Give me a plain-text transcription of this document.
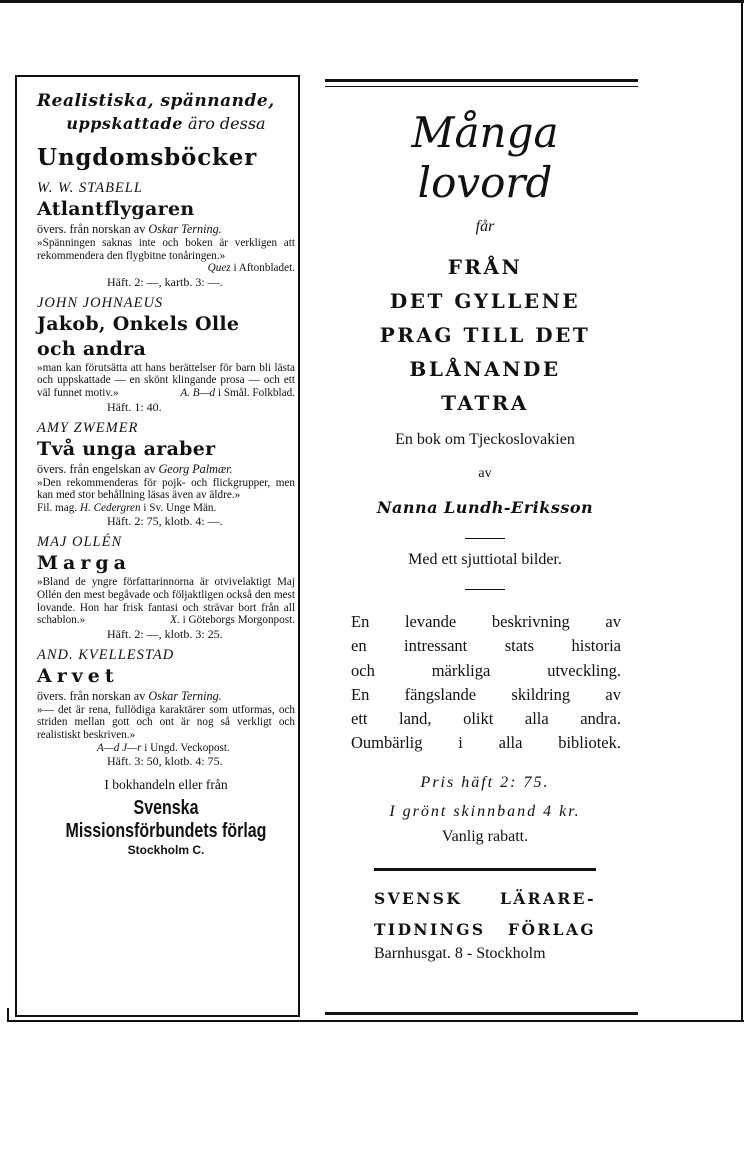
Realistiska, spännande,

uppskattade äro dessa

Ungdomsböcker

W. W. STABELL

Atlantflygaren

övers. från norskan av Oskar Terning.

»Spänningen saknas inte och boken är verkligen att rekommendera den flygbitne tonåringen.»
Quez i Aftonbladet.

Häft. 2: —, kartb. 3: —.

JOHN JOHNAEUS

Jakob, Onkels Olle

och andra

»man kan förutsätta att hans berättelser för barn bli lästa och uppskattade — en skönt klingande prosa — och ett väl funnet motiv.»	A. B—d i Smål. Folkblad.

Häft. 1: 40.

AMY ZWEMER

Två unga araber

övers. från engelskan av Georg Palmær.

»Den rekommenderas för pojk- och flickgrupper, men kan med stor behållning läsas även av äldre.»

Fil. mag. H. Cedergren i Sv. Unge Män.

Häft. 2: 75, klotb. 4: —.

MAJ OLLÉN

Marga

»Bland de yngre författarinnorna är otvivelaktigt Maj Ollén den mest begåvade och följaktligen också den mest lovande. Hon har frisk fantasi och strävar bort från all schablon.»	X. i Göteborgs Morgonpost.

Häft. 2: —, klotb. 3: 25.

AND. KVELLESTAD

Arvet

övers. från norskan av Oskar Terning.

»— det är rena, fullödiga karaktärer som utformas, och striden mellan gott och ont är nog så verkligt och realistiskt beskriven.»

A—d J—r i Ungd. Veckopost.

Häft. 3: 50, klotb. 4: 75.

I bokhandeln eller från

Svenska Missionsförbundets förlag

Stockholm C.

Många lovord

får

FRÅN

DET GYLLENE

PRAG TILL DET

BLÅNANDE

TATRA

En bok om Tjeckoslovakien

av

Nanna Lundh-Eriksson

Med ett sjuttiotal bilder.

En levande beskrivning av
en intressant stats historia
och märkliga utveckling.
En fängslande skildring av
ett land, olikt alla andra.
Oumbärlig i alla bibliotek.

Pris häft 2: 75.

I grönt skinnband 4 kr.

Vanlig rabatt.

SVENSK LÄRARE-

TIDNINGS FÖRLAG

Barnhusgat. 8 - Stockholm
